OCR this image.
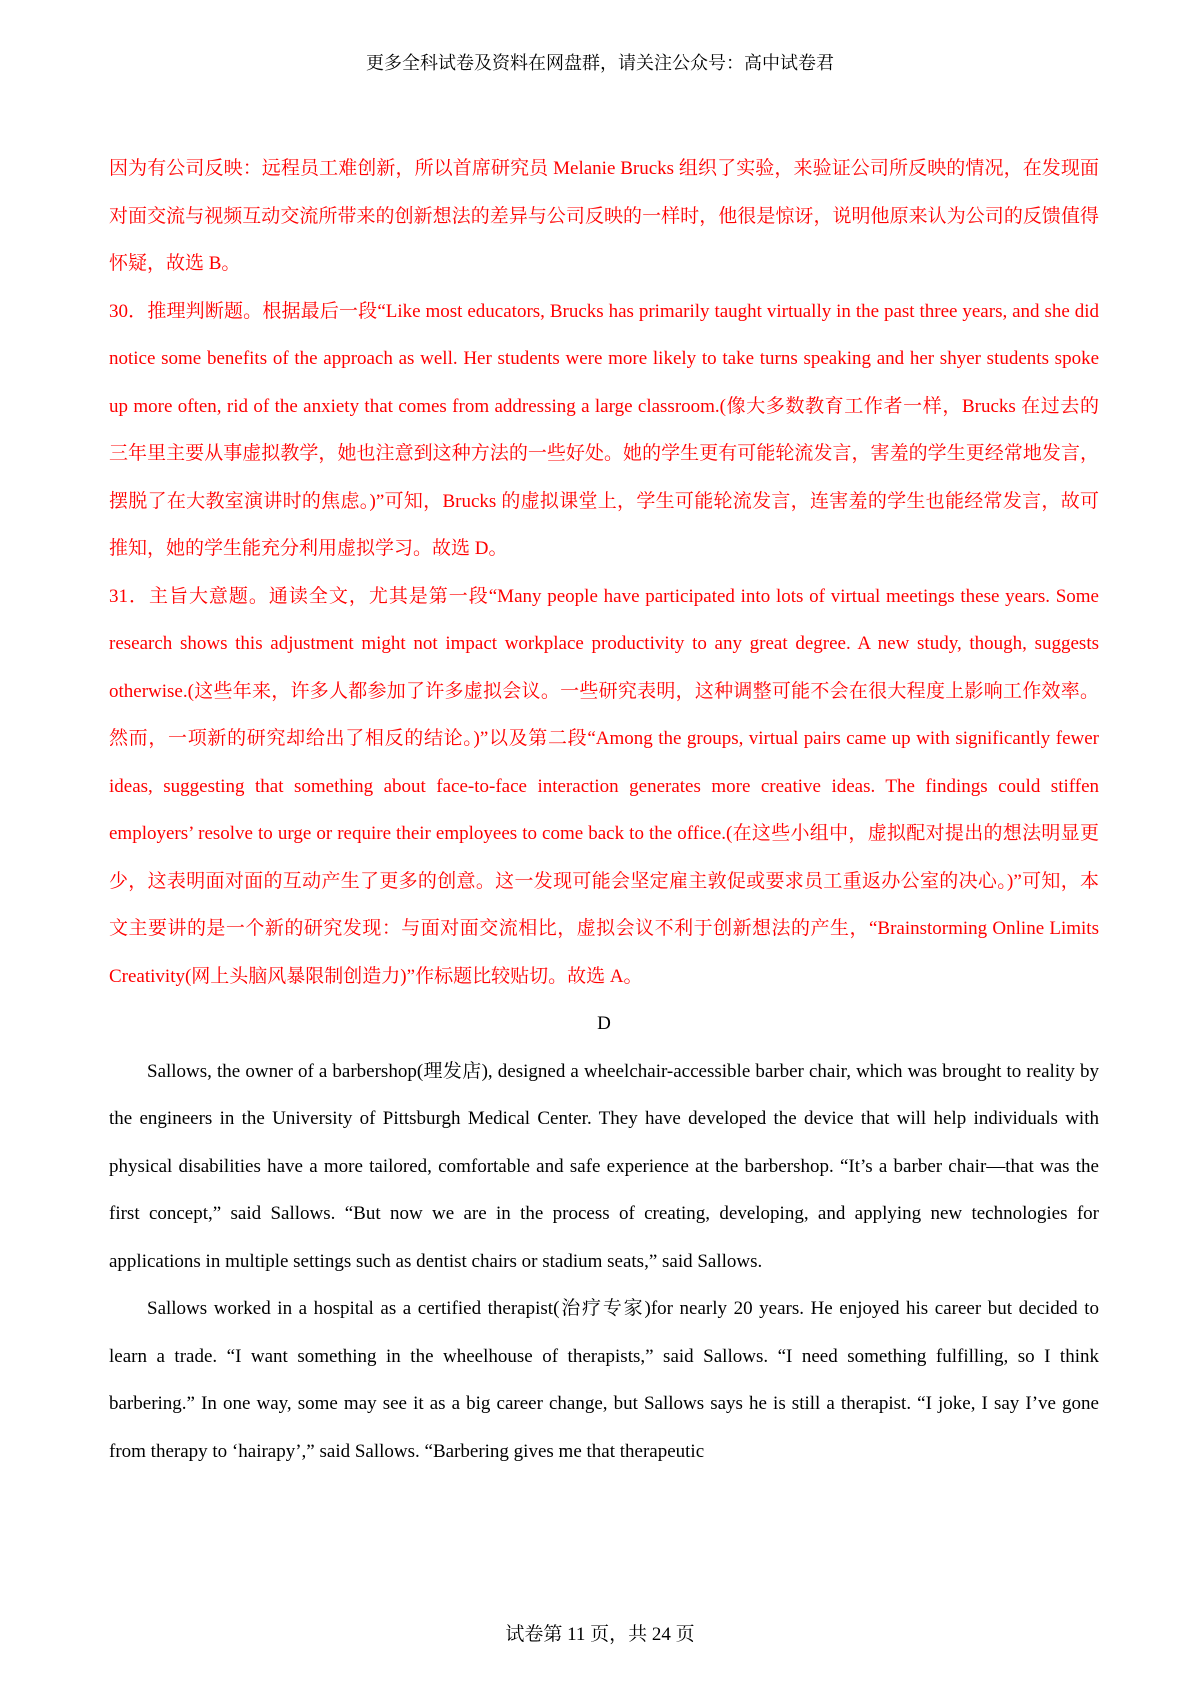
更多全科试卷及资料在网盘群，请关注公众号：高中试卷君

因为有公司反映：远程员工难创新，所以首席研究员 Melanie Brucks 组织了实验，来验证公司所反映的情况，在发现面对面交流与视频互动交流所带来的创新想法的差异与公司反映的一样时，他很是惊讶，说明他原来认为公司的反馈值得怀疑，故选 B。

30．推理判断题。根据最后一段“Like most educators, Brucks has primarily taught virtually in the past three years, and she did notice some benefits of the approach as well. Her students were more likely to take turns speaking and her shyer students spoke up more often, rid of the anxiety that comes from addressing a large classroom.(像大多数教育工作者一样，Brucks 在过去的三年里主要从事虚拟教学，她也注意到这种方法的一些好处。她的学生更有可能轮流发言，害羞的学生更经常地发言，摆脱了在大教室演讲时的焦虑。)”可知，Brucks 的虚拟课堂上，学生可能轮流发言，连害羞的学生也能经常发言，故可推知，她的学生能充分利用虚拟学习。故选 D。

31．主旨大意题。通读全文，尤其是第一段“Many people have participated into lots of virtual meetings these years. Some research shows this adjustment might not impact workplace productivity to any great degree. A new study, though, suggests otherwise.(这些年来，许多人都参加了许多虚拟会议。一些研究表明，这种调整可能不会在很大程度上影响工作效率。然而，一项新的研究却给出了相反的结论。)”以及第二段“Among the groups, virtual pairs came up with significantly fewer ideas, suggesting that something about face-to-face interaction generates more creative ideas. The findings could stiffen employers’ resolve to urge or require their employees to come back to the office.(在这些小组中，虚拟配对提出的想法明显更少，这表明面对面的互动产生了更多的创意。这一发现可能会坚定雇主敦促或要求员工重返办公室的决心。)”可知，本文主要讲的是一个新的研究发现：与面对面交流相比，虚拟会议不利于创新想法的产生，“Brainstorming Online Limits Creativity(网上头脑风暴限制创造力)”作标题比较贴切。故选 A。

D

Sallows, the owner of a barbershop(理发店), designed a wheelchair-accessible barber chair, which was brought to reality by the engineers in the University of Pittsburgh Medical Center. They have developed the device that will help individuals with physical disabilities have a more tailored, comfortable and safe experience at the barbershop. “It’s a barber chair—that was the first concept,” said Sallows. “But now we are in the process of creating, developing, and applying new technologies for applications in multiple settings such as dentist chairs or stadium seats,” said Sallows.

Sallows worked in a hospital as a certified therapist(治疗专家)for nearly 20 years. He enjoyed his career but decided to learn a trade. “I want something in the wheelhouse of therapists,” said Sallows. “I need something fulfilling, so I think barbering.” In one way, some may see it as a big career change, but Sallows says he is still a therapist. “I joke, I say I’ve gone from therapy to ‘hairapy’,” said Sallows. “Barbering gives me that therapeutic

试卷第 11 页，共 24 页
